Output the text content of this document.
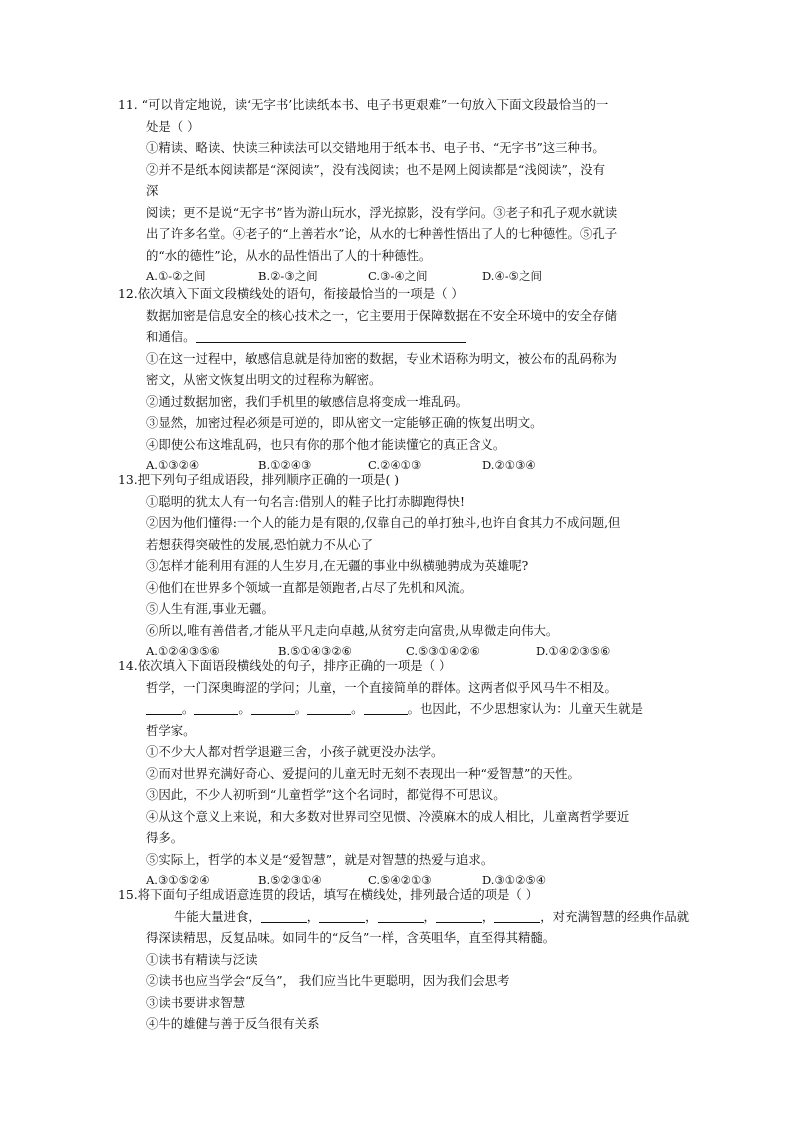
11. “可以肯定地说，读‘无字书’比读纸本书、电子书更艰难”一句放入下面文段最恰当的一
处是（ ）
①精读、略读、快读三种读法可以交错地用于纸本书、电子书、“无字书”这三种书。
②并不是纸本阅读都是“深阅读”，没有浅阅读；也不是网上阅读都是“浅阅读”，没有
深
阅读；更不是说“无字书”皆为游山玩水，浮光掠影，没有学问。③老子和孔子观水就读
出了许多名堂。④老子的“上善若水”论，从水的七种善性悟出了人的七种德性。⑤孔子
的“水的德性”论，从水的品性悟出了人的十种德性。
A.①-②之间	B.②-③之间	C.③-④之间	D.④-⑤之间
12.依次填入下面文段横线处的语句，衔接最恰当的一项是（ ）
数据加密是信息安全的核心技术之一，它主要用于保障数据在不安全环境中的安全存储
和通信。
①在这一过程中，敏感信息就是待加密的数据，专业术语称为明文，被公布的乱码称为
密文，从密文恢复出明文的过程称为解密。
②通过数据加密，我们手机里的敏感信息将变成一堆乱码。
③显然，加密过程必须是可逆的，即从密文一定能够正确的恢复出明文。
④即使公布这堆乱码，也只有你的那个他才能读懂它的真正含义。
A.①③②④	B.①②④③	C.②④①③	D.②①③④
13.把下列句子组成语段，排列顺序正确的一项是( )
①聪明的犹太人有一句名言:借别人的鞋子比打赤脚跑得快!
②因为他们懂得:一个人的能力是有限的,仅靠自己的单打独斗,也许自食其力不成问题,但
若想获得突破性的发展,恐怕就力不从心了
③怎样才能利用有涯的人生岁月,在无疆的事业中纵横驰骋成为英雄呢?
④他们在世界多个领域一直都是领跑者,占尽了先机和风流。
⑤人生有涯,事业无疆。
⑥所以,唯有善借者,才能从平凡走向卓越,从贫穷走向富贵,从卑微走向伟大。
A.①②④③⑤⑥	B.⑤①④③②⑥	C.⑤③①④②⑥	D.①④②③⑤⑥
14.依次填入下面语段横线处的句子，排序正确的一项是（ ）
哲学，一门深奥晦涩的学问；儿童，一个直接简单的群体。这两者似乎风马牛不相及。
。	。	。	。	。也因此，不少思想家认为：儿童天生就是
哲学家。
①不少大人都对哲学退避三舍，小孩子就更没办法学。
②而对世界充满好奇心、爱提问的儿童无时无刻不表现出一种“爱智慧”的天性。
③因此，不少人初听到“儿童哲学”这个名词时，都觉得不可思议。
④从这个意义上来说，和大多数对世界司空见惯、冷漠麻木的成人相比，儿童离哲学要近
得多。
⑤实际上，哲学的本义是“爱智慧”，就是对智慧的热爱与追求。
A.③①⑤②④	B.⑤②③①④	C.⑤④②①③	D.③①②⑤④
15.将下面句子组成语意连贯的段话，填写在横线处，排列最合适的项是（ ）
牛能大量进食，	，	，	，	，	，对充满智慧的经典作品就
得深读精思，反复品味。如同牛的“反刍”一样，含英咀华，直至得其精髓。
①读书有精读与泛读
②读书也应当学会“反刍”， 我们应当比牛更聪明，因为我们会思考
③读书要讲求智慧
④牛的雄健与善于反刍很有关系
